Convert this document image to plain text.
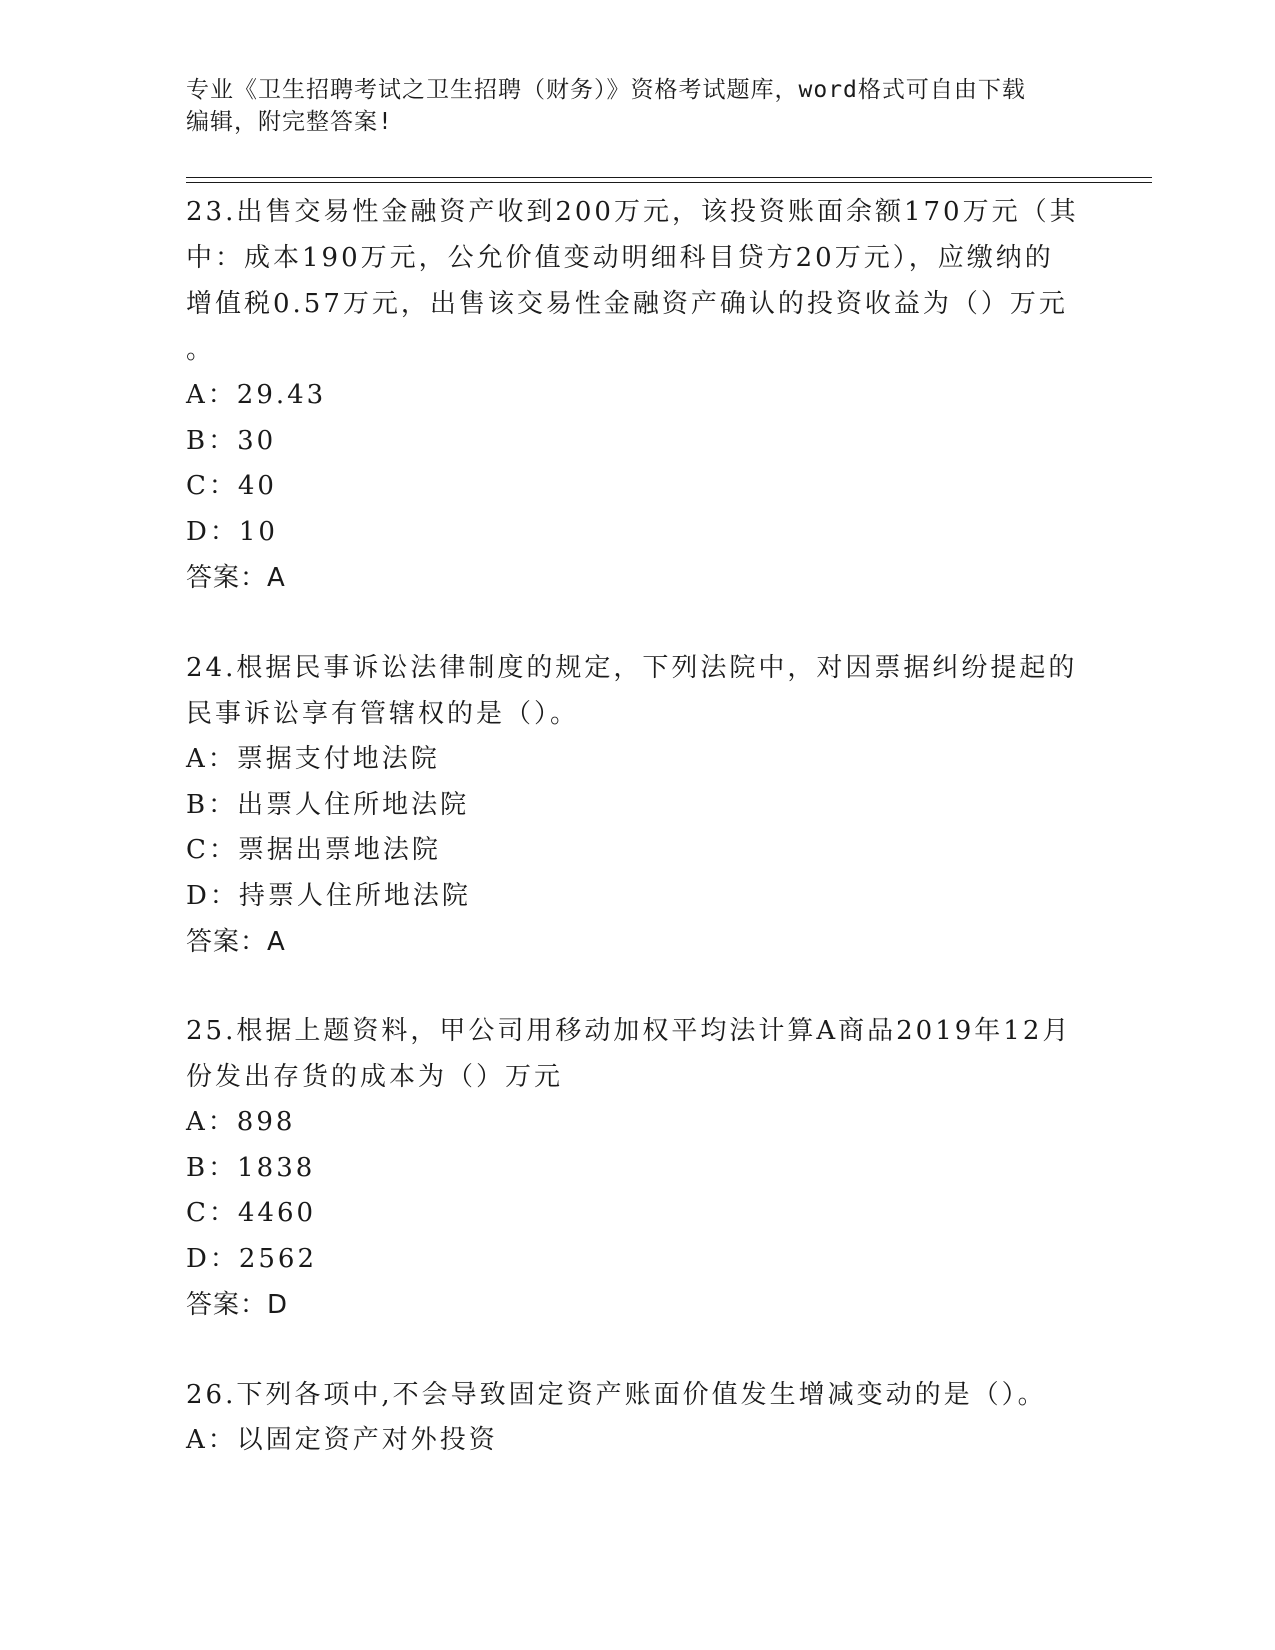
专业《卫生招聘考试之卫生招聘（财务）》资格考试题库，word格式可自由下载
编辑，附完整答案!
23.出售交易性金融资产收到200万元，该投资账面余额170万元（其
中：成本190万元，公允价值变动明细科目贷方20万元），应缴纳的
增值税0.57万元，出售该交易性金融资产确认的投资收益为（）万元
。
A：29.43
B：30
C：40
D：10
答案：A
24.根据民事诉讼法律制度的规定，下列法院中，对因票据纠纷提起的
民事诉讼享有管辖权的是（）。
A：票据支付地法院
B：出票人住所地法院
C：票据出票地法院
D：持票人住所地法院
答案：A
25.根据上题资料，甲公司用移动加权平均法计算A商品2019年12月
份发出存货的成本为（）万元
A：898
B：1838
C：4460
D：2562
答案：D
26.下列各项中,不会导致固定资产账面价值发生增减变动的是（）。
A：以固定资产对外投资
